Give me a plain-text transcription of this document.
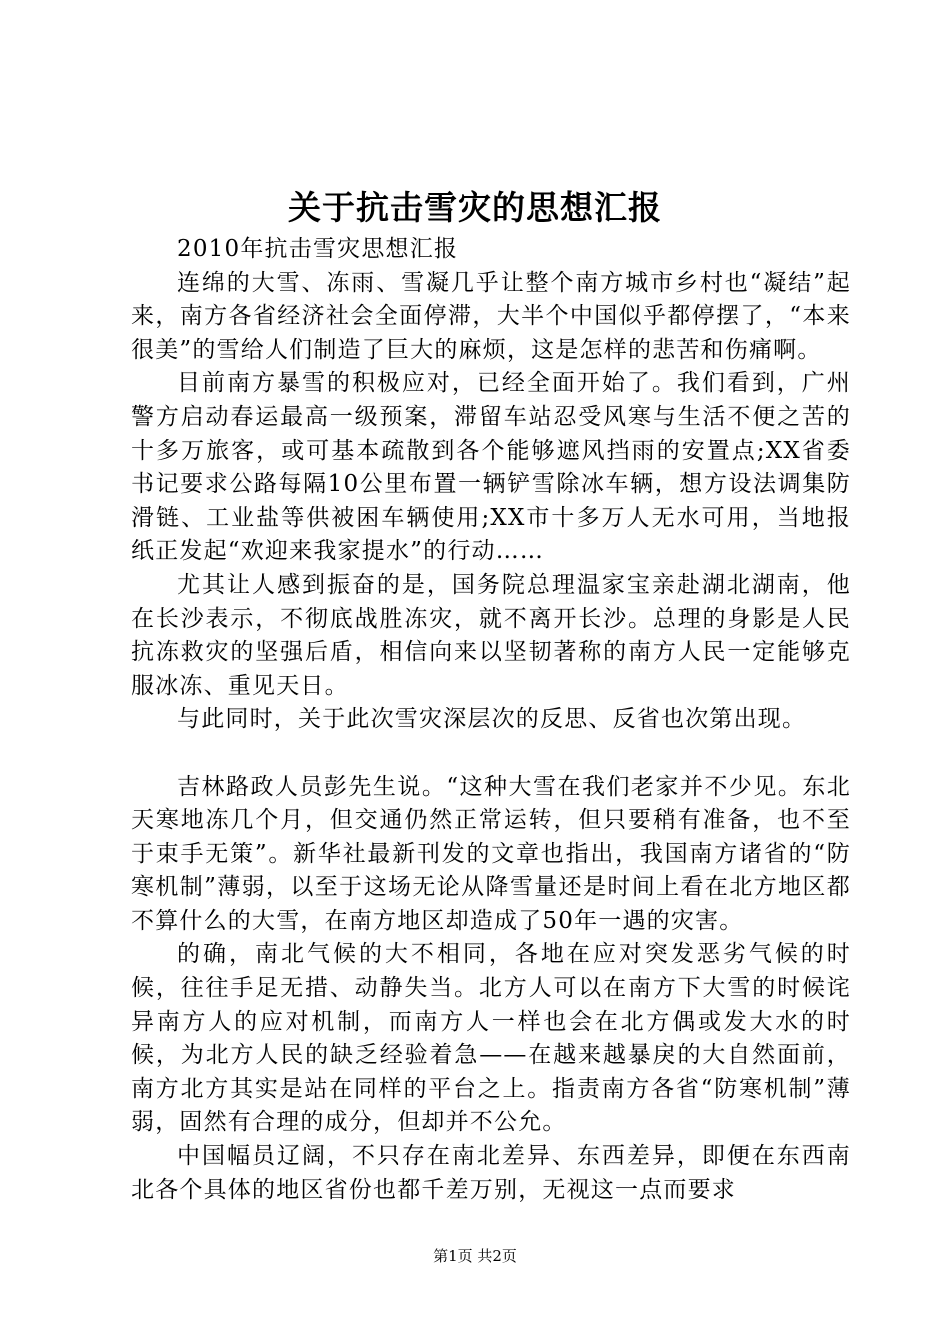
关于抗击雪灾的思想汇报

2010年抗击雪灾思想汇报

连绵的大雪、冻雨、雪凝几乎让整个南方城市乡村也“凝结”起来，南方各省经济社会全面停滞，大半个中国似乎都停摆了，“本来很美”的雪给人们制造了巨大的麻烦，这是怎样的悲苦和伤痛啊。

目前南方暴雪的积极应对，已经全面开始了。我们看到，广州警方启动春运最高一级预案，滞留车站忍受风寒与生活不便之苦的十多万旅客，或可基本疏散到各个能够遮风挡雨的安置点;XX省委书记要求公路每隔10公里布置一辆铲雪除冰车辆，想方设法调集防滑链、工业盐等供被困车辆使用;XX市十多万人无水可用，当地报纸正发起“欢迎来我家提水”的行动……

尤其让人感到振奋的是，国务院总理温家宝亲赴湖北湖南，他在长沙表示，不彻底战胜冻灾，就不离开长沙。总理的身影是人民抗冻救灾的坚强后盾，相信向来以坚韧著称的南方人民一定能够克服冰冻、重见天日。

与此同时，关于此次雪灾深层次的反思、反省也次第出现。

吉林路政人员彭先生说。“这种大雪在我们老家并不少见。东北天寒地冻几个月，但交通仍然正常运转，但只要稍有准备，也不至于束手无策”。新华社最新刊发的文章也指出，我国南方诸省的“防寒机制”薄弱，以至于这场无论从降雪量还是时间上看在北方地区都不算什么的大雪，在南方地区却造成了50年一遇的灾害。

的确，南北气候的大不相同，各地在应对突发恶劣气候的时候，往往手足无措、动静失当。北方人可以在南方下大雪的时候诧异南方人的应对机制，而南方人一样也会在北方偶或发大水的时候，为北方人民的缺乏经验着急——在越来越暴戾的大自然面前，南方北方其实是站在同样的平台之上。指责南方各省“防寒机制”薄弱，固然有合理的成分，但却并不公允。

中国幅员辽阔，不只存在南北差异、东西差异，即便在东西南北各个具体的地区省份也都千差万别，无视这一点而要求

第1页 共2页
